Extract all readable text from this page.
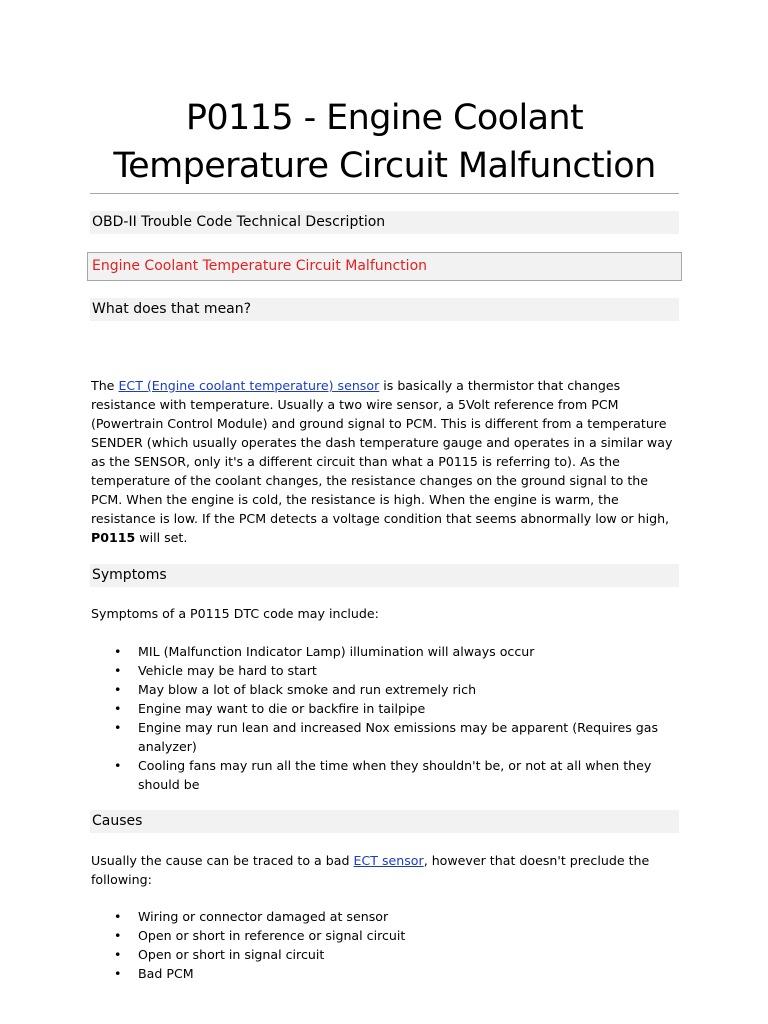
P0115 - Engine Coolant
Temperature Circuit Malfunction
OBD-II Trouble Code Technical Description
Engine Coolant Temperature Circuit Malfunction
What does that mean?

The ECT (Engine coolant temperature) sensor is basically a thermistor that changes resistance with temperature. Usually a two wire sensor, a 5Volt reference from PCM (Powertrain Control Module) and ground signal to PCM. This is different from a temperature SENDER (which usually operates the dash temperature gauge and operates in a similar way as the SENSOR, only it's a different circuit than what a P0115 is referring to). As the temperature of the coolant changes, the resistance changes on the ground signal to the PCM. When the engine is cold, the resistance is high. When the engine is warm, the resistance is low. If the PCM detects a voltage condition that seems abnormally low or high, P0115 will set.

Symptoms

Symptoms of a P0115 DTC code may include:

• MIL (Malfunction Indicator Lamp) illumination will always occur
• Vehicle may be hard to start
• May blow a lot of black smoke and run extremely rich
• Engine may want to die or backfire in tailpipe
• Engine may run lean and increased Nox emissions may be apparent (Requires gas analyzer)
• Cooling fans may run all the time when they shouldn't be, or not at all when they should be
Causes

Usually the cause can be traced to a bad ECT sensor, however that doesn't preclude the following:

• Wiring or connector damaged at sensor
• Open or short in reference or signal circuit
• Open or short in signal circuit
• Bad PCM
